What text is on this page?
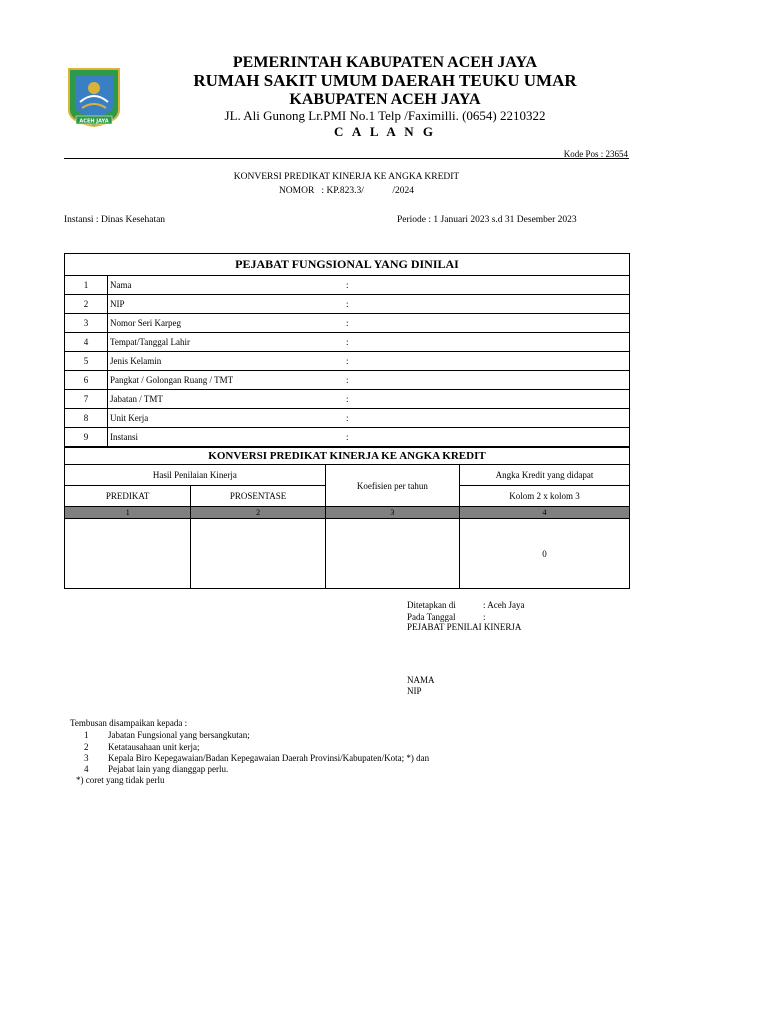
ACEH JAYA
PEMERINTAH KABUPATEN ACEH JAYA
RUMAH SAKIT UMUM DAERAH TEUKU UMAR
KABUPATEN ACEH JAYA
JL. Ali Gunong Lr.PMI No.1 Telp /Faximilli. (0654) 2210322
C A L A N G
Kode Pos : 23654
KONVERSI PREDIKAT KINERJA KE ANGKA KREDIT
NOMOR   : KP.823.3/            /2024
Instansi : Dinas Kesehatan	Periode : 1 Januari 2023 s.d 31 Desember 2023
PEJABAT FUNGSIONAL YANG DINILAI		
1	Nama :	

2	NIP :	

3	Nomor Seri Karpeg :	

4	Tempat/Tanggal Lahir :	

5	Jenis Kelamin :	

6	Pangkat / Golongan Ruang / TMT :	

7	Jabatan / TMT :	

8	Unit Kerja :	

9	Instansi :	

KONVERSI PREDIKAT KINERJA KE ANGKA KREDIT			
Hasil Penilaian Kinerja		Koefisien per tahun	Angka Kredit yang didapat
PREDIKAT	PROSENTASE		Kolom 2 x kolom 3
1	2	3	4
			0
Ditetapkan di	: Aceh Jaya
Pada Tanggal	:
PEJABAT PENILAI KINERJA
NAMA
NIP
Tembusan disampaikan kepada :
1 Jabatan Fungsional yang bersangkutan;
2 Ketatausahaan unit kerja;
3 Kepala Biro Kepegawaian/Badan Kepegawaian Daerah Provinsi/Kabupaten/Kota; *) dan
4 Pejabat lain yang dianggap perlu.
*) coret yang tidak perlu
